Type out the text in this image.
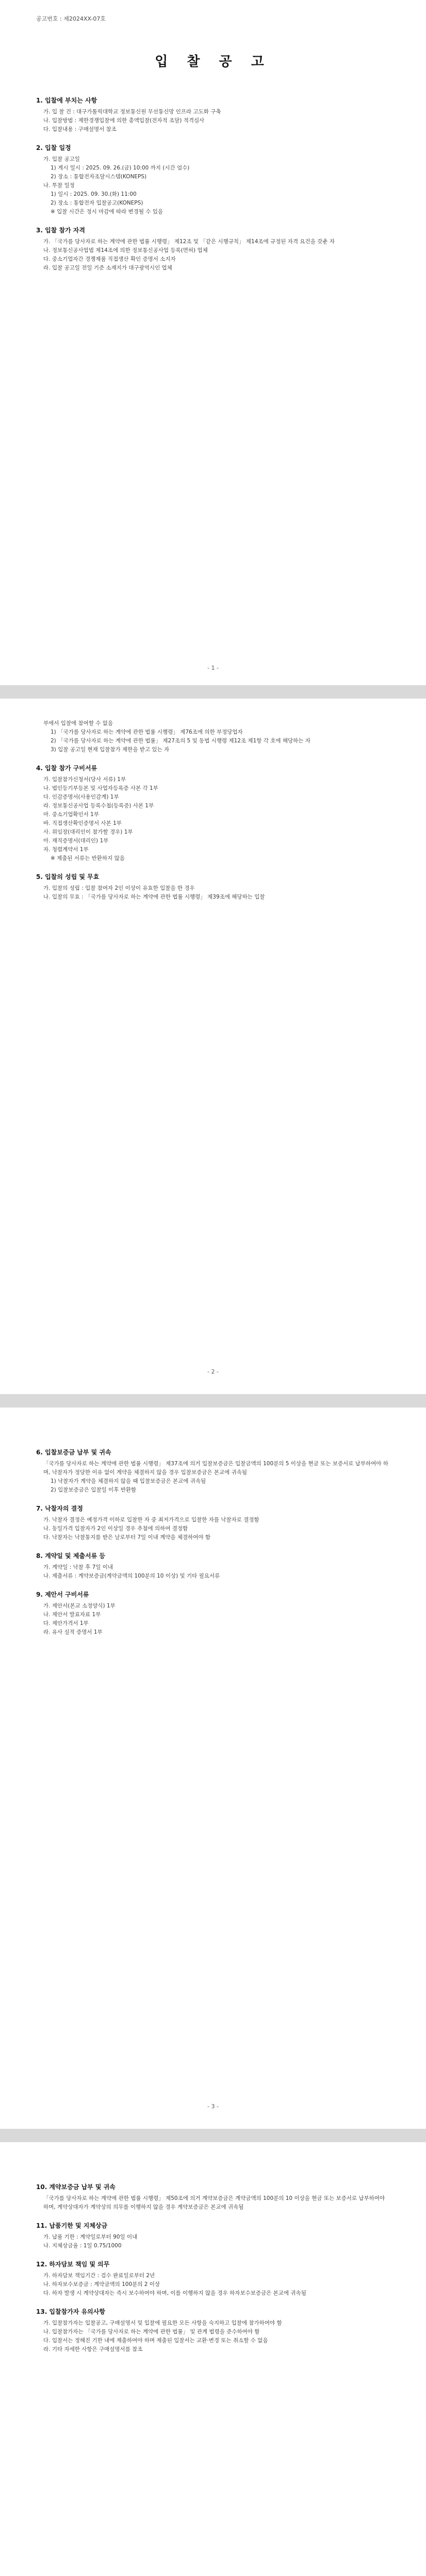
공고번호 : 제2024XX-07호
입 찰 공 고
1. 입찰에 부치는 사항
가. 입 찰 건 : 대구가톨릭대학교 정보통신원 무선통신망 인프라 고도화 구축
나. 입찰방법 : 제한경쟁입찰에 의한 총액입찰(전자적 조달) 적격심사
다. 입찰내용 : 구매설명서 참조
2. 입찰 일정
가. 입찰 공고일
1) 게시 일시 : 2025. 09. 26.(금) 10:00 까지 (시간 엄수)
2) 장소 : 통합전자조달시스템(KONEPS)
나. 투찰 일정
1) 일시 : 2025. 09. 30.(화) 11:00
2) 장소 : 통합전자 입찰공고(KONEPS)
※ 입찰 시간은 정시 마감에 따라 변경될 수 있음
3. 입찰 참가 자격
가. 「국가를 당사자로 하는 계약에 관한 법률 시행령」 제12조 및 「같은 시행규칙」 제14조에 규정된 자격 요건을 갖춘 자
나. 정보통신공사업법 제14조에 의한 정보통신공사업 등록(면허) 업체
다. 중소기업자간 경쟁제품 직접생산 확인 증명서 소지자
라. 입찰 공고일 전일 기준 소재지가 대구광역시인 업체
- 1 -
부에서 입찰에 참여할 수 없음
1) 「국가를 당사자로 하는 계약에 관한 법률 시행령」 제76조에 의한 부정당업자
2) 「국가를 당사자로 하는 계약에 관한 법률」 제27조의 5 및 동법 시행령 제12조 제1항 각 호에 해당하는 자
3) 입찰 공고일 현재 입찰참가 제한을 받고 있는 자
4. 입찰 참가 구비서류
가. 입찰참가신청서(당사 서류) 1부
나. 법인등기부등본 및 사업자등록증 사본 각 1부
다. 인감증명서(사용인감계) 1부
라. 정보통신공사업 등록수첩(등록증) 사본 1부
마. 중소기업확인서 1부
바. 직접생산확인증명서 사본 1부
사. 위임장(대리인이 참가할 경우) 1부
아. 재직증명서(대리인) 1부
자. 청렴계약서 1부
※ 제출된 서류는 반환하지 않음
5. 입찰의 성립 및 무효
가. 입찰의 성립 : 입찰 참여자 2인 이상이 유효한 입찰을 한 경우
나. 입찰의 무효 : 「국가를 당사자로 하는 계약에 관한 법률 시행령」 제39조에 해당하는 입찰
- 2 -
6. 입찰보증금 납부 및 귀속
「국가를 당사자로 하는 계약에 관한 법률 시행령」 제37조에 의거 입찰보증금은 입찰금액의 100분의 5 이상을 현금 또는 보증서로 납부하여야 하며, 낙찰자가 정당한 이유 없이 계약을 체결하지 않을 경우 입찰보증금은 본교에 귀속됨
1) 낙찰자가 계약을 체결하지 않을 때 입찰보증금은 본교에 귀속됨
2) 입찰보증금은 입찰일 이후 반환함
7. 낙찰자의 결정
가. 낙찰자 결정은 예정가격 이하로 입찰한 자 중 최저가격으로 입찰한 자를 낙찰자로 결정함
나. 동일가격 입찰자가 2인 이상일 경우 추첨에 의하여 결정함
다. 낙찰자는 낙찰통지를 받은 날로부터 7일 이내 계약을 체결하여야 함
8. 계약일 및 제출서류 등
가. 계약일 : 낙찰 후 7일 이내
나. 제출서류 : 계약보증금(계약금액의 100분의 10 이상) 및 기타 필요서류
9. 제안서 구비서류
가. 제안서(본교 소정양식) 1부
나. 제안서 발표자료 1부
다. 제안가격서 1부
라. 유사 실적 증명서 1부
- 3 -
10. 계약보증금 납부 및 귀속
「국가를 당사자로 하는 계약에 관한 법률 시행령」 제50조에 의거 계약보증금은 계약금액의 100분의 10 이상을 현금 또는 보증서로 납부하여야 하며, 계약상대자가 계약상의 의무를 이행하지 않을 경우 계약보증금은 본교에 귀속됨
11. 납품기한 및 지체상금
가. 납품 기한 : 계약일로부터 90일 이내
나. 지체상금율 : 1일 0.75/1000
12. 하자담보 책임 및 의무
가. 하자담보 책임기간 : 검수 완료일로부터 2년
나. 하자보수보증금 : 계약금액의 100분의 2 이상
다. 하자 발생 시 계약상대자는 즉시 보수하여야 하며, 이를 이행하지 않을 경우 하자보수보증금은 본교에 귀속됨
13. 입찰참가자 유의사항
가. 입찰참가자는 입찰공고, 구매설명서 및 입찰에 필요한 모든 사항을 숙지하고 입찰에 참가하여야 함
나. 입찰참가자는 「국가를 당사자로 하는 계약에 관한 법률」 및 관계 법령을 준수하여야 함
다. 입찰서는 정해진 기한 내에 제출하여야 하며 제출된 입찰서는 교환·변경 또는 취소할 수 없음
라. 기타 자세한 사항은 구매설명서를 참조
